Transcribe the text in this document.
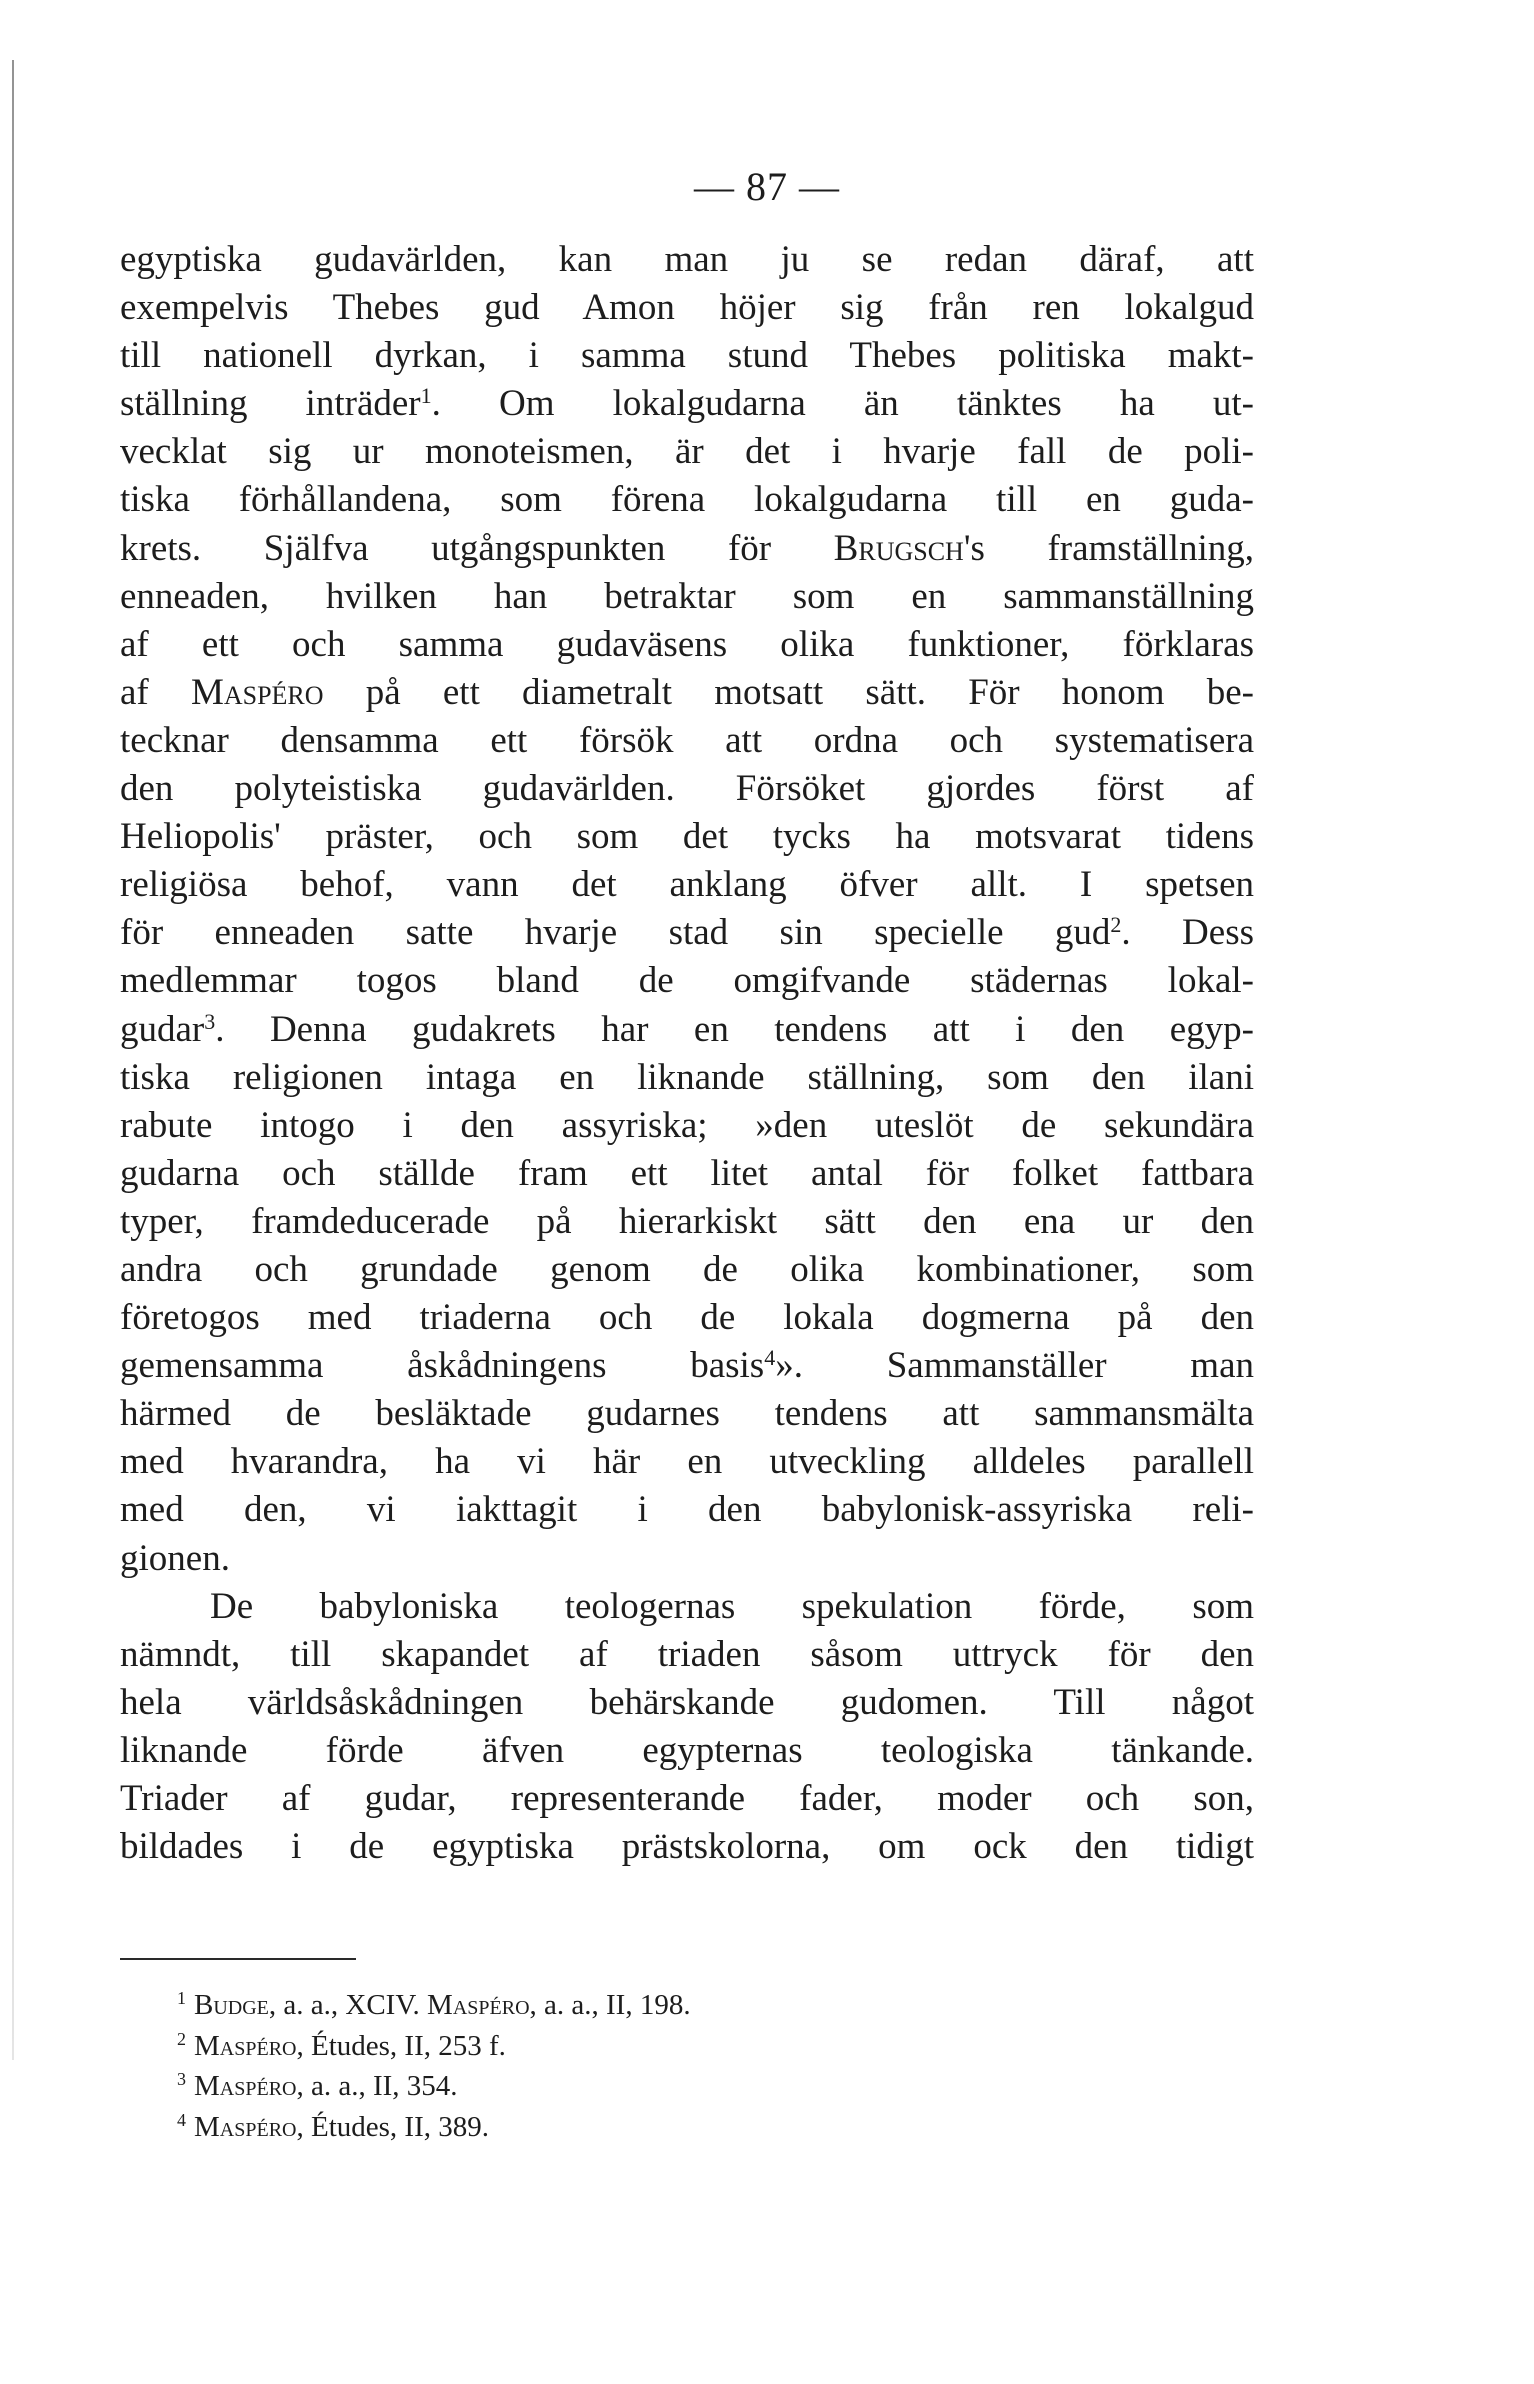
— 87 —
egyptiska gudavärlden, kan man ju se redan däraf, att
exempelvis Thebes gud Amon höjer sig från ren lokalgud
till nationell dyrkan, i samma stund Thebes politiska makt-
ställning inträder$^1$. Om lokalgudarna än tänktes ha ut-
vecklat sig ur monoteismen, är det i hvarje fall de poli-
tiska förhållandena, som förena lokalgudarna till en guda-
krets. Själfva utgångspunkten för Brugsch's framställning,
enneaden, hvilken han betraktar som en sammanställning
af ett och samma gudaväsens olika funktioner, förklaras
af Maspéro på ett diametralt motsatt sätt. För honom be-
tecknar densamma ett försök att ordna och systematisera
den polyteistiska gudavärlden. Försöket gjordes först af
Heliopolis' präster, och som det tycks ha motsvarat tidens
religiösa behof, vann det anklang öfver allt. I spetsen
för enneaden satte hvarje stad sin specielle gud$^2$. Dess
medlemmar togos bland de omgifvande städernas lokal-
gudar$^3$. Denna gudakrets har en tendens att i den egyp-
tiska religionen intaga en liknande ställning, som den ilani
rabute intogo i den assyriska; »den uteslöt de sekundära
gudarna och ställde fram ett litet antal för folket fattbara
typer, framdeducerade på hierarkiskt sätt den ena ur den
andra och grundade genom de olika kombinationer, som
företogos med triaderna och de lokala dogmerna på den
gemensamma åskådningens basis$^4$». Sammanställer man
härmed de besläktade gudarnes tendens att sammansmälta
med hvarandra, ha vi här en utveckling alldeles parallell
med den, vi iakttagit i den babylonisk-assyriska reli-
gionen.
De babyloniska teologernas spekulation förde, som
nämndt, till skapandet af triaden såsom uttryck för den
hela världsåskådningen behärskande gudomen. Till något
liknande förde äfven egypternas teologiska tänkande.
Triader af gudar, representerande fader, moder och son,
bildades i de egyptiska prästskolorna, om ock den tidigt
$^1$ Budge, a. a., XCIV. Maspéro, a. a., II, 198.
$^2$ Maspéro, Études, II, 253 f.
$^3$ Maspéro, a. a., II, 354.
$^4$ Maspéro, Études, II, 389.
